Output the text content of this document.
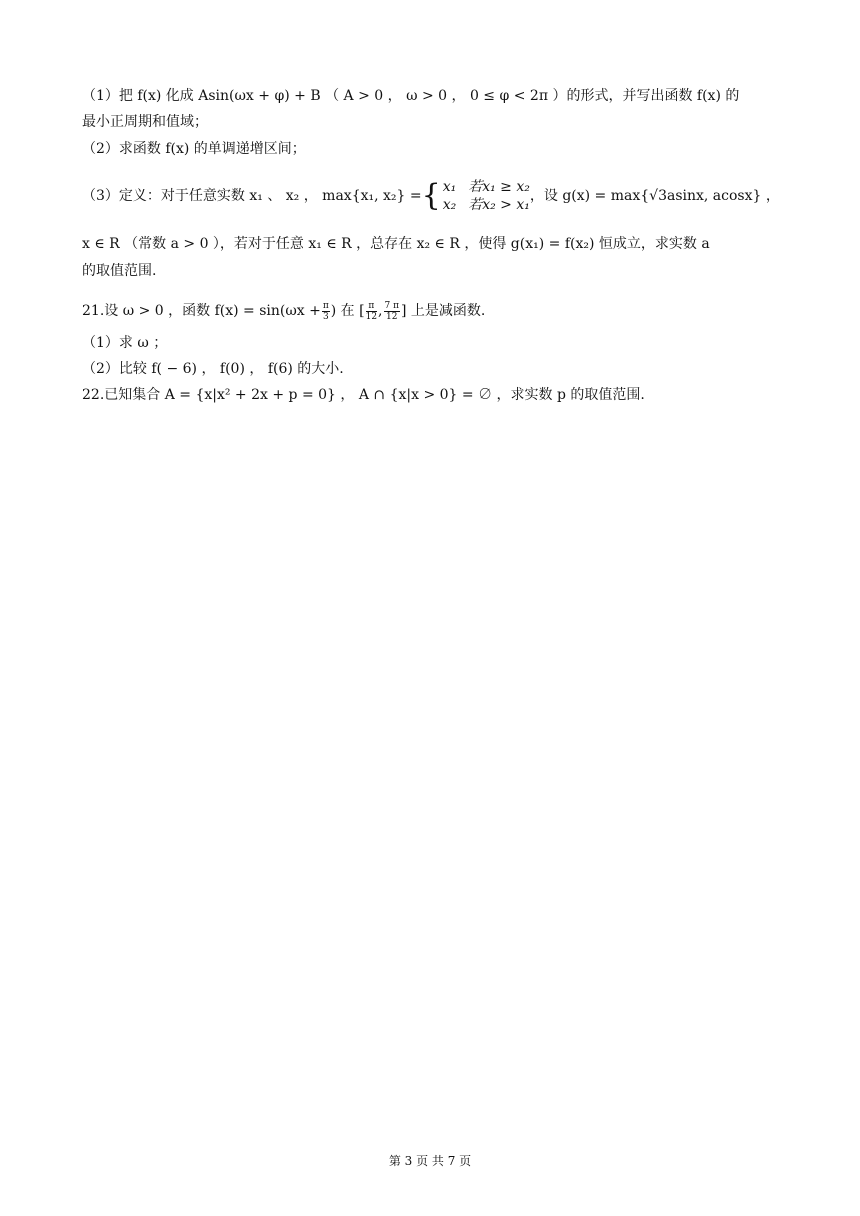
（1）把 f(x) 化成 Asin(ωx + φ) + B （ A > 0 ， ω > 0 ， 0 ≤ φ < 2π ）的形式，并写出函数 f(x) 的
最小正周期和值域；
（2）求函数 f(x) 的单调递增区间；
（3）定义：对于任意实数 x₁ 、 x₂ ， max{x₁, x₂} ={ x₁ 若x₁ ≥ x₂
x₂ 若x₂ > x₁
，设 g(x) = max{√3asinx, acosx} ，
x ∈ R （常数 a > 0 ），若对于任意 x₁ ∈ R ，总存在 x₂ ∈ R ，使得 g(x₁) = f(x₂) 恒成立，求实数 a
的取值范围.
21.设 ω > 0 ，函数 $f(x) = \sin(\omega x + \frac{\pi}{3}$ ) 在 [ $\frac{\pi}{12}$ , $\frac{7 \pi}{12}$ ] 上是减函数.
（1）求 ω ；
（2）比较 f( − 6) ， f(0) ， f(6) 的大小.
22.已知集合 A = {x|x² + 2x + p = 0} ， A ∩ {x|x > 0} = ∅ ，求实数 p 的取值范围.
第 3 页 共 7 页
